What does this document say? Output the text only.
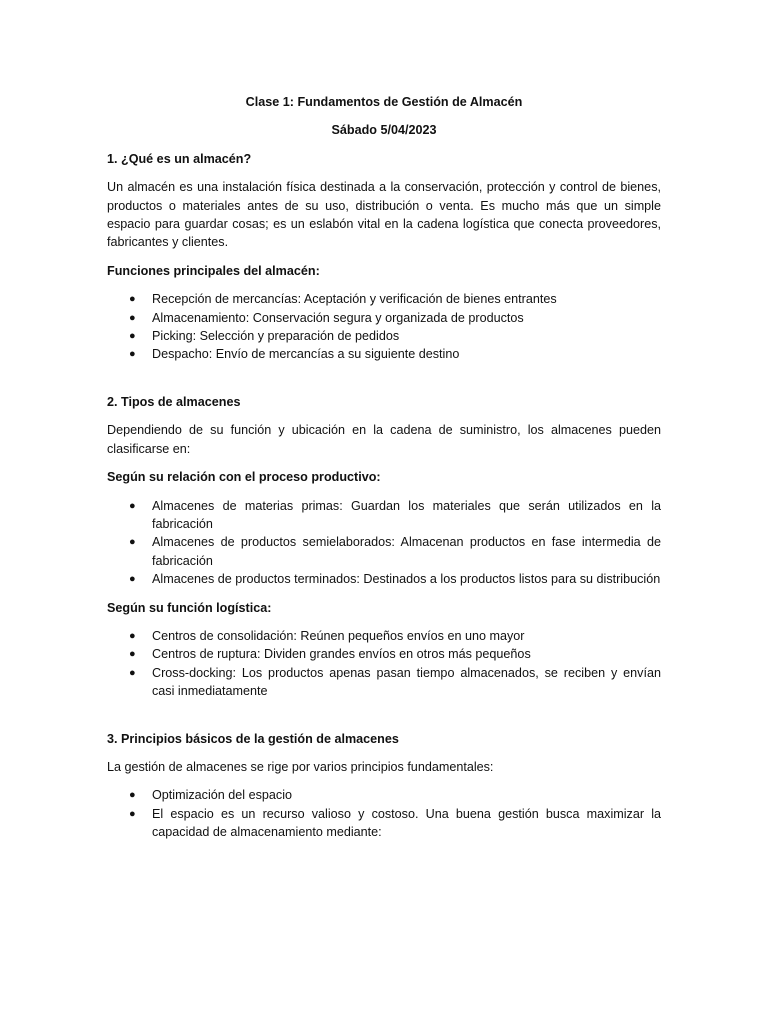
Clase 1: Fundamentos de Gestión de Almacén
Sábado 5/04/2023
1. ¿Qué es un almacén?

Un almacén es una instalación física destinada a la conservación, protección y control de bienes, productos o materiales antes de su uso, distribución o venta. Es mucho más que un simple espacio para guardar cosas; es un eslabón vital en la cadena logística que conecta proveedores, fabricantes y clientes.

Funciones principales del almacén:
● Recepción de mercancías: Aceptación y verificación de bienes entrantes
● Almacenamiento: Conservación segura y organizada de productos
● Picking: Selección y preparación de pedidos
● Despacho: Envío de mercancías a su siguiente destino
2. Tipos de almacenes

Dependiendo de su función y ubicación en la cadena de suministro, los almacenes pueden clasificarse en:

Según su relación con el proceso productivo:
● Almacenes de materias primas: Guardan los materiales que serán utilizados en la fabricación
● Almacenes de productos semielaborados: Almacenan productos en fase intermedia de fabricación
● Almacenes de productos terminados: Destinados a los productos listos para su distribución
Según su función logística:
● Centros de consolidación: Reúnen pequeños envíos en uno mayor
● Centros de ruptura: Dividen grandes envíos en otros más pequeños
● Cross-docking: Los productos apenas pasan tiempo almacenados, se reciben y envían casi inmediatamente
3. Principios básicos de la gestión de almacenes

La gestión de almacenes se rige por varios principios fundamentales:

● Optimización del espacio
● El espacio es un recurso valioso y costoso. Una buena gestión busca maximizar la capacidad de almacenamiento mediante:
